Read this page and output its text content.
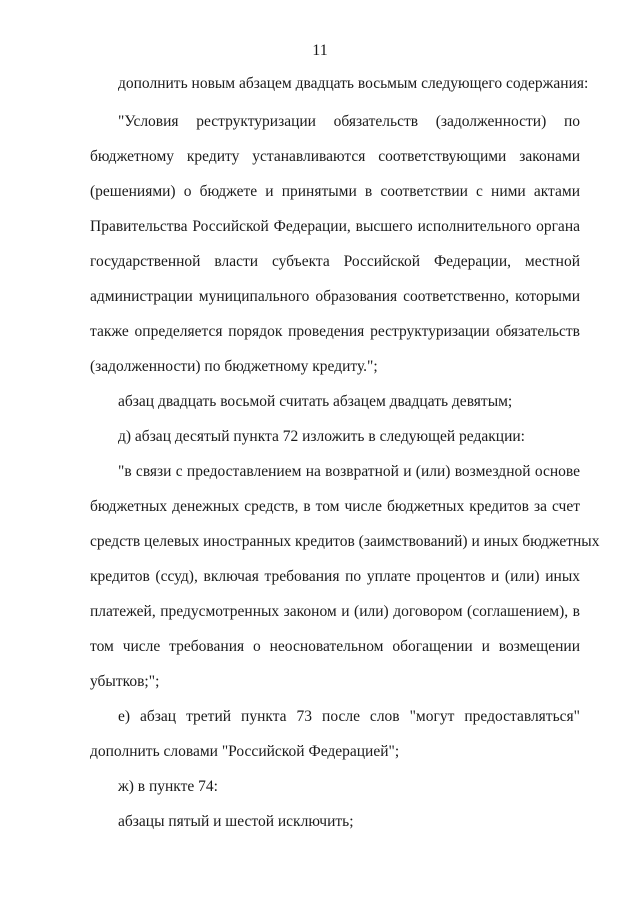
11
дополнить новым абзацем двадцать восьмым следующего содержания:
"Условия реструктуризации обязательств (задолженности) по
бюджетному кредиту устанавливаются соответствующими законами
(решениями) о бюджете и принятыми в соответствии с ними актами
Правительства Российской Федерации, высшего исполнительного органа
государственной власти субъекта Российской Федерации, местной
администрации муниципального образования соответственно, которыми
также определяется порядок проведения реструктуризации обязательств
(задолженности) по бюджетному кредиту.";
абзац двадцать восьмой считать абзацем двадцать девятым;
д) абзац десятый пункта 72 изложить в следующей редакции:
"в связи с предоставлением на возвратной и (или) возмездной основе
бюджетных денежных средств, в том числе бюджетных кредитов за счет
средств целевых иностранных кредитов (заимствований) и иных бюджетных
кредитов (ссуд), включая требования по уплате процентов и (или) иных
платежей, предусмотренных законом и (или) договором (соглашением), в
том числе требования о неосновательном обогащении и возмещении
убытков;";
е) абзац третий пункта 73 после слов "могут предоставляться"
дополнить словами "Российской Федерацией";
ж) в пункте 74:
абзацы пятый и шестой исключить;
